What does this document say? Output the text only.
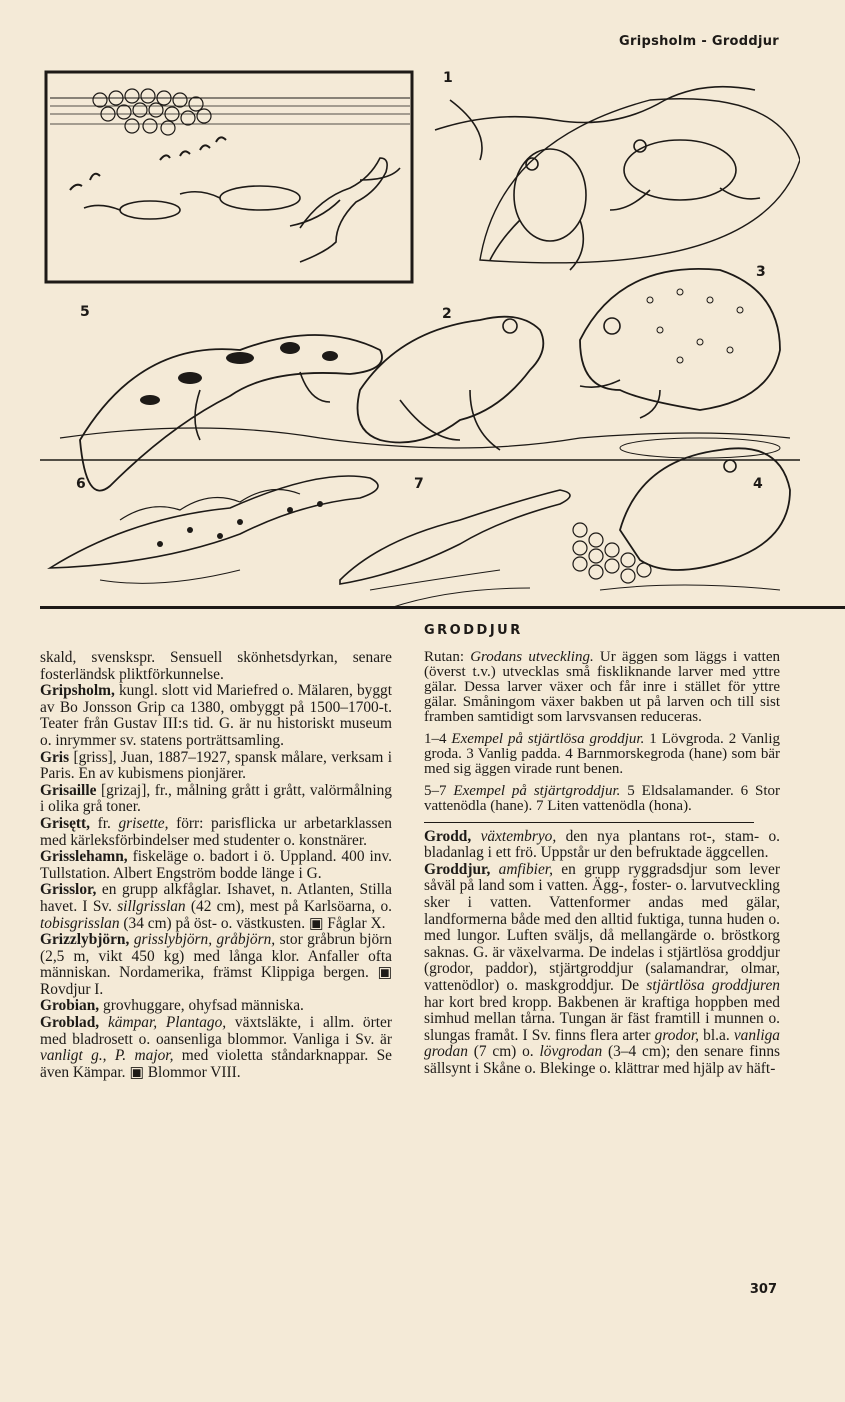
Gripsholm - Groddjur
1
2
3
4
5
6	7
skald, svenskspr. Sensuell skönhetsdyrkan, senare fosterländsk pliktförkunnelse.
Gripsholm, kungl. slott vid Mariefred o. Mälaren, byggt av Bo Jonsson Grip ca 1380, ombyggt på 1500–1700-t. Teater från Gustav III:s tid. G. är nu historiskt museum o. inrymmer sv. statens porträttsamling.
Gris [griss], Juan, 1887–1927, spansk målare, verksam i Paris. En av kubismens pionjärer.
Grisaille [grizaj], fr., målning grått i grått, valörmålning i olika grå toner.
Grisętt, fr. grisette, förr: parisflicka ur arbetarklassen med kärleksförbindelser med studenter o. konstnärer.
Grisslehamn, fiskeläge o. badort i ö. Uppland. 400 inv. Tullstation. Albert Engström bodde länge i G.
Grisslor, en grupp alkfåglar. Ishavet, n. Atlanten, Stilla havet. I Sv. sillgrisslan (42 cm), mest på Karlsöarna, o. tobisgrisslan (34 cm) på öst- o. västkusten. ▣ Fåglar X.
Grizzlybjörn, grisslybjörn, gråbjörn, stor gråbrun björn (2,5 m, vikt 450 kg) med långa klor. Anfaller ofta människan. Nordamerika, främst Klippiga bergen. ▣ Rovdjur I.
Grobian, grovhuggare, ohyfsad människa.
Groblad, kämpar, Plantago, växtsläkte, i allm. örter med bladrosett o. oansenliga blommor. Vanliga i Sv. är vanligt g., P. major, med violetta ståndarknappar. Se även Kämpar. ▣ Blommor VIII.
GRODDJUR
Rutan: Grodans utveckling. Ur äggen som läggs i vatten (överst t.v.) utvecklas små fiskliknande larver med yttre gälar. Dessa larver växer och får inre i stället för yttre gälar. Småningom växer bakben ut på larven och till sist framben samtidigt som larvsvansen reduceras.
1–4 Exempel på stjärtlösa groddjur. 1 Lövgroda. 2 Vanlig groda. 3 Vanlig padda. 4 Barnmorskegroda (hane) som bär med sig äggen virade runt benen.
5–7 Exempel på stjärtgroddjur. 5 Eldsalamander. 6 Stor vattenödla (hane). 7 Liten vattenödla (hona).
Grodd, växtembryo, den nya plantans rot-, stam- o. bladanlag i ett frö. Uppstår ur den befruktade äggcellen.
Groddjur, amfibier, en grupp ryggradsdjur som lever såväl på land som i vatten. Ägg-, foster- o. larvutveckling sker i vatten. Vattenformer andas med gälar, landformerna både med den alltid fuktiga, tunna huden o. med lungor. Luften sväljs, då mellangärde o. bröstkorg saknas. G. är växelvarma. De indelas i stjärtlösa groddjur (grodor, paddor), stjärtgroddjur (salamandrar, olmar, vattenödlor) o. maskgroddjur. De stjärtlösa groddjuren har kort bred kropp. Bakbenen är kraftiga hoppben med simhud mellan tårna. Tungan är fäst framtill i munnen o. slungas framåt. I Sv. finns flera arter grodor, bl.a. vanliga grodan (7 cm) o. lövgrodan (3–4 cm); den senare finns sällsynt i Skåne o. Blekinge o. klättrar med hjälp av häft-
307
